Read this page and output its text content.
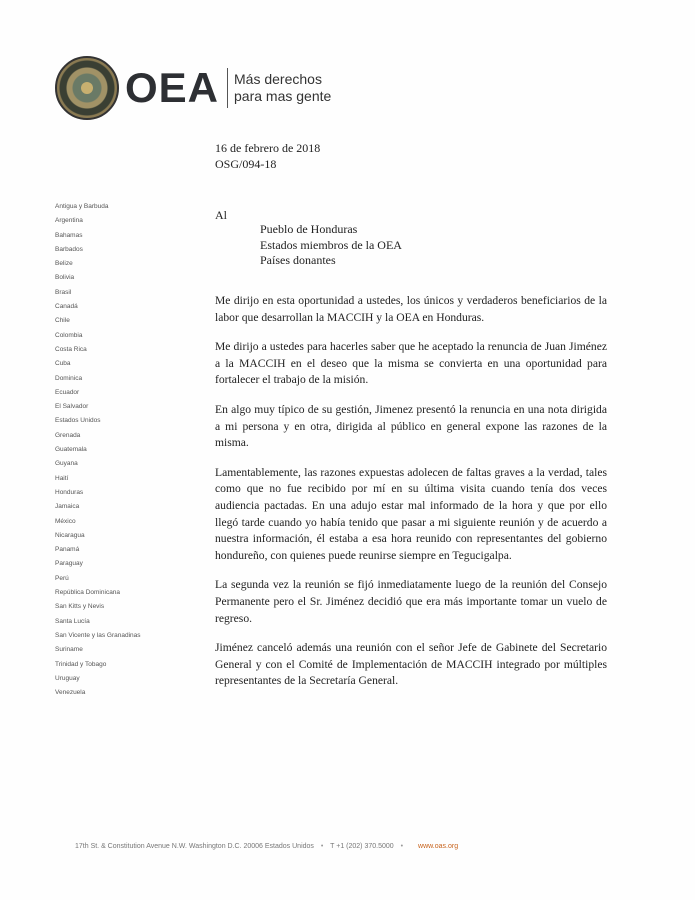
OEA Más derechos
para mas gente
16 de febrero de 2018
OSG/094-18
Antigua y Barbuda
Argentina
Bahamas
Barbados
Belize
Bolivia
Brasil
Canadá
Chile
Colombia
Costa Rica
Cuba
Dominica
Ecuador
El Salvador
Estados Unidos
Grenada
Guatemala
Guyana
Haití
Honduras
Jamaica
México
Nicaragua
Panamá
Paraguay
Perú
República Dominicana
San Kitts y Nevis
Santa Lucía
San Vicente y las Granadinas
Suriname
Trinidad y Tobago
Uruguay
Venezuela
Al
Pueblo de Honduras
Estados miembros de la OEA
Países donantes

Me dirijo en esta oportunidad a ustedes, los únicos y verdaderos beneficiarios de la labor que desarrollan la MACCIH y la OEA en Honduras.

Me dirijo a ustedes para hacerles saber que he aceptado la renuncia de Juan Jiménez a la MACCIH en el deseo que la misma se convierta en una oportunidad para fortalecer el trabajo de la misión.

En algo muy típico de su gestión, Jimenez presentó la renuncia en una nota dirigida a mi persona y en otra, dirigida al público en general expone las razones de la misma.

Lamentablemente, las razones expuestas adolecen de faltas graves a la verdad, tales como que no fue recibido por mí en su última visita cuando tenía dos veces audiencia pactadas. En una adujo estar mal informado de la hora y que por ello llegó tarde cuando yo había tenido que pasar a mi siguiente reunión y de acuerdo a nuestra información, él estaba a esa hora reunido con representantes del gobierno hondureño, con quienes puede reunirse siempre en Tegucigalpa.

La segunda vez la reunión se fijó inmediatamente luego de la reunión del Consejo Permanente pero el Sr. Jiménez decidió que era más importante tomar un vuelo de regreso.

Jiménez canceló además una reunión con el señor Jefe de Gabinete del Secretario General y con el Comité de Implementación de MACCIH integrado por múltiples representantes de la Secretaría General.

17th St. & Constitution Avenue N.W. Washington D.C. 20006 Estados Unidos • T +1 (202) 370.5000 • www.oas.org
